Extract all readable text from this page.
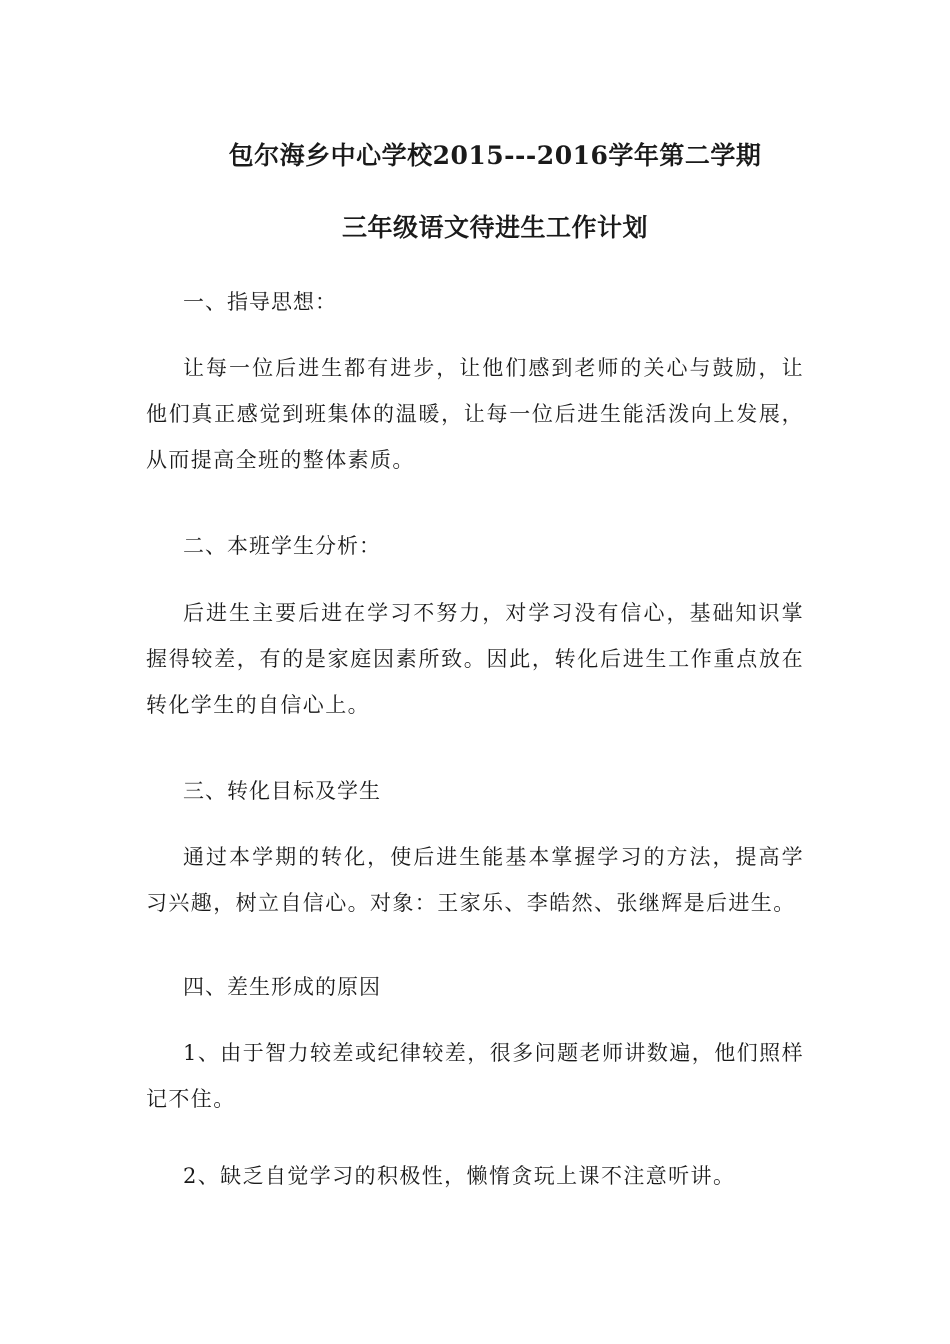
包尔海乡中心学校2015---2016学年第二学期
三年级语文待进生工作计划

一、指导思想：

让每一位后进生都有进步，让他们感到老师的关心与鼓励，让他们真正感觉到班集体的温暖，让每一位后进生能活泼向上发展，从而提高全班的整体素质。

二、本班学生分析：

后进生主要后进在学习不努力，对学习没有信心，基础知识掌握得较差，有的是家庭因素所致。因此，转化后进生工作重点放在转化学生的自信心上。

三、转化目标及学生

通过本学期的转化，使后进生能基本掌握学习的方法，提高学习兴趣，树立自信心。对象：王家乐、李皓然、张继辉是后进生。

四、差生形成的原因

1、由于智力较差或纪律较差，很多问题老师讲数遍，他们照样记不住。

2、缺乏自觉学习的积极性，懒惰贪玩上课不注意听讲。
